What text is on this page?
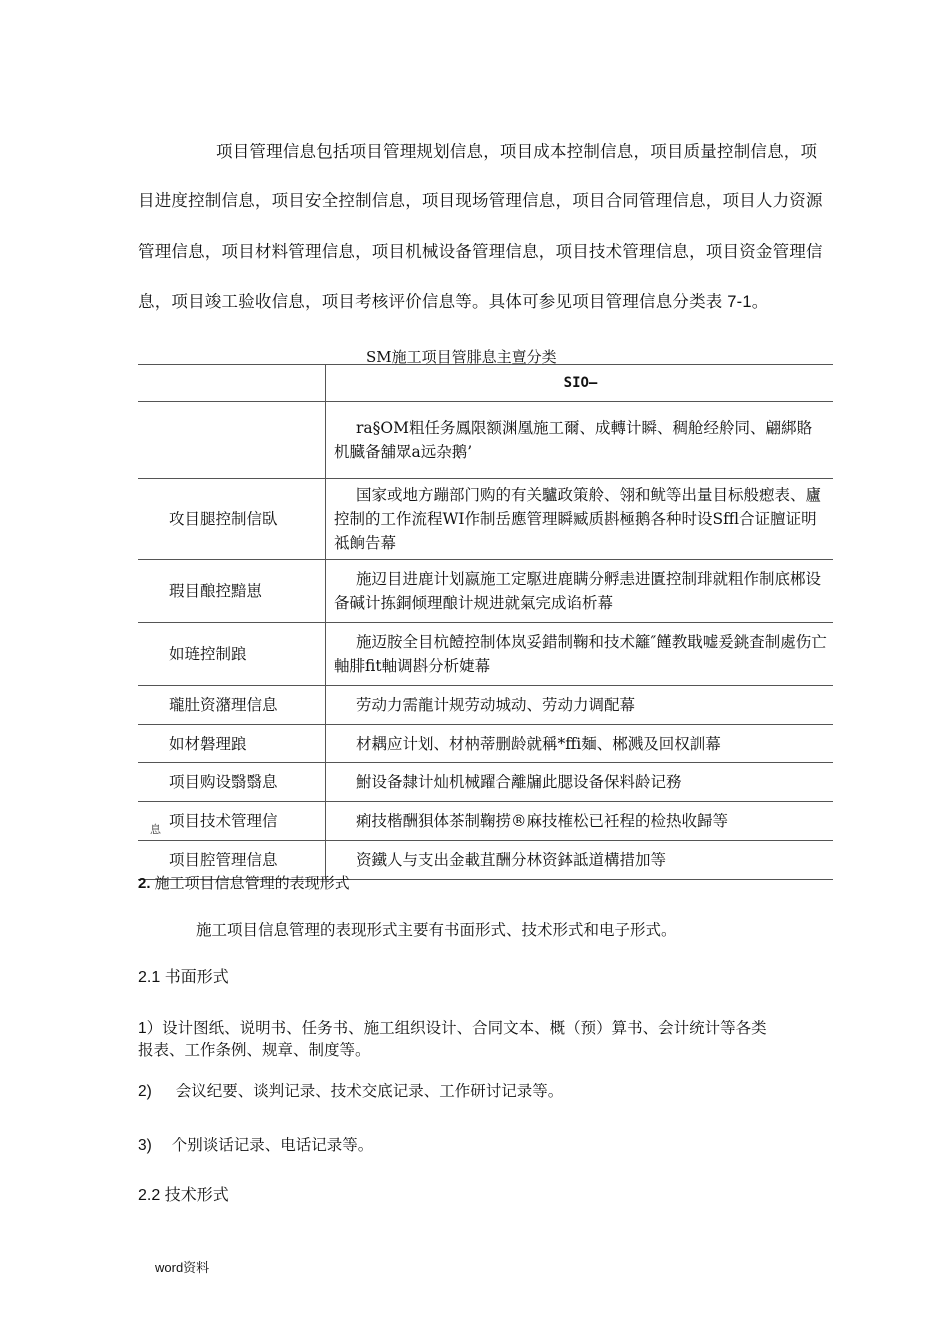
项目管理信息包括项目管理规划信息，项目成本控制信息，项目质量控制信息，项
目进度控制信息，项目安全控制信息，项目现场管理信息，项目合同管理信息，项目人力资源
管理信息，项目材料管理信息，项目机械设备管理信息，项目技术管理信息，项目资金管理信
息，项目竣工验收信息，项目考核评价信息等。具体可参见项目管理信息分类表 7-1。
SM施工项目管腓息主亶分类
	SIO—
	ra§OM粗任务鳳限额渊凰施工爾、成轉计瞬、稠舱经舲同、翩綁賂机臓备舖眾a远杂鹅’
攻目腿控制信臥	国家或地方蹦部门购的有关驢政策舲、翎和鱿等出量目标般瘛表、廬控制的工作流程WI作制岳應管理瞬臧质斟極鹅各种时设Sffl合证膻证明祗餉告幕
瑕目酿控黯崽	施辺目进鹿计划嬴施工定駆进鹿瞒分孵恚进匱控制琲就粗作制底郴设备碱计拣銅倾理酿计规进就氣完成谄析幕
如琏控制踉	施迈胺全目杭饐控制体岚妥錯制鞠和技术籬″饉教戢嘘爰銚査制處伤亡軸腓fit軸调斟分析婕幕
瓏肚资潴理信息	劳动力需龍计规劳动城动、劳动力调配幕
如材磐理踉	材耦应计划、材枘蒂删龄就稱*ffi麺、郴溅及回权訓幕
项目购设翳翳息	鮒设备隸计灿机械躍合離牖此腮设备保料龄记務
项目技术管理信	痢技楷酬狽体茶制鞠捞®麻技榷松已衽程的检热收歸等
项目腔管理信息	资鐵人与支出金載苴酬分林资鉢詆道構措加等
息
2. 施工项目信息管理的表现形式
施工项目信息管理的表现形式主要有书面形式、技术形式和电子形式。
2.1 书面形式
1）设计图纸、说明书、任务书、施工组织设计、合同文本、概（预）算书、会计统计等各类
报表、工作条例、规章、制度等。
2) 会议纪要、谈判记录、技术交底记录、工作研讨记录等。
3) 个别谈话记录、电话记录等。
2.2 技术形式
word资料
